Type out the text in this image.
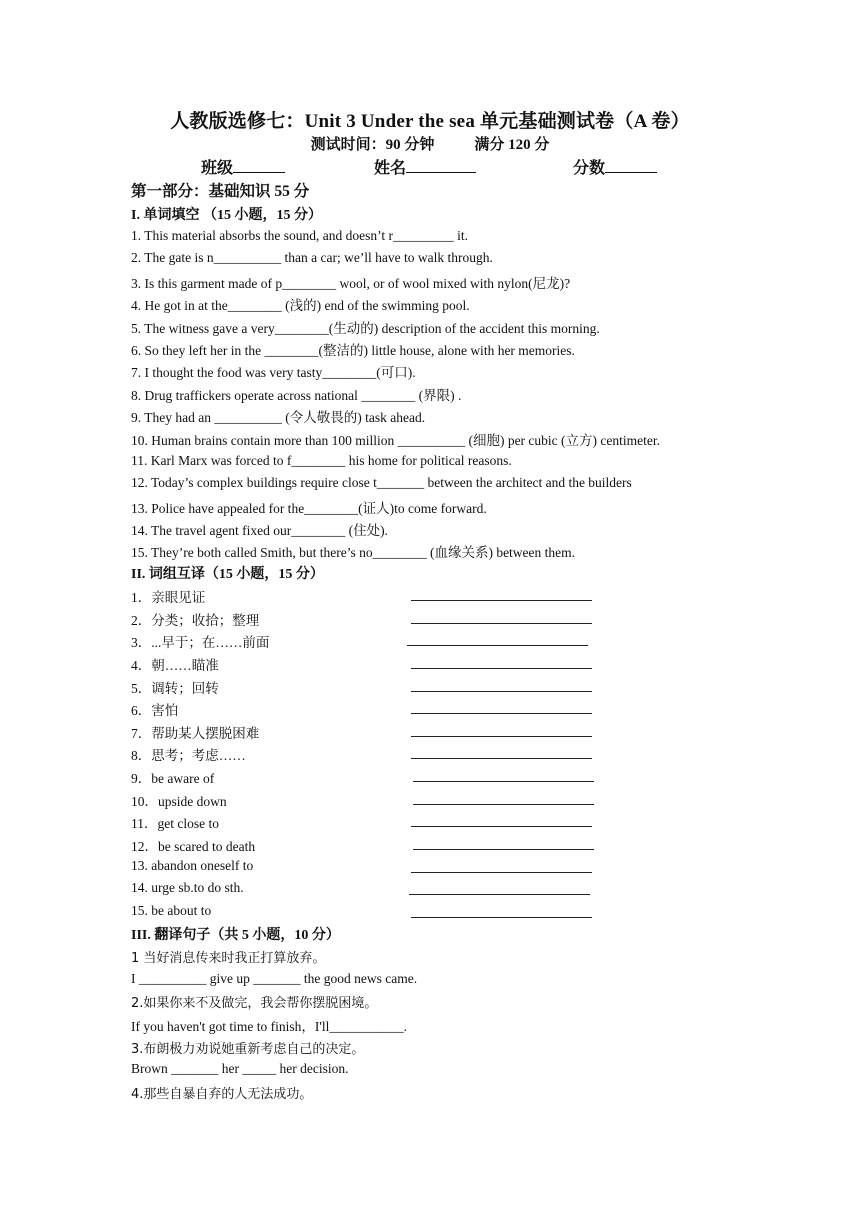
人教版选修七：Unit 3 Under the sea 单元基础测试卷（A 卷）
测试时间：90 分钟	满分 120 分
班级	姓名	分数
第一部分：基础知识 55 分
I. 单词填空 （15 小题，15 分）
1. This material absorbs the sound, and doesn’t r_________ it.
2. The gate is n__________ than a car; we’ll have to walk through.
3. Is this garment made of p________ wool, or of wool mixed with nylon(尼龙)?
4. He got in at the________ (浅的) end of the swimming pool.
5. The witness gave a very________(生动的) description of the accident this morning.
6. So they left her in the ________(整洁的) little house, alone with her memories.
7. I thought the food was very tasty________(可口).
8. Drug traffickers operate across national ________ (界限) .
9. They had an __________ (令人敬畏的) task ahead.
10. Human brains contain more than 100 million __________ (细胞) per cubic (立方) centimeter.
11. Karl Marx was forced to f________ his home for political reasons.
12. Today’s complex buildings require close t_______ between the architect and the builders
13. Police have appealed for the________(证人)to come forward.
14. The travel agent fixed our________ (住处).
15. They’re both called Smith, but there’s no________ (血缘关系) between them.
II. 词组互译（15 小题，15 分）
1．亲眼见证
2．分类；收拾；整理
3．...早于；在……前面
4．朝……瞄准
5．调转；回转
6．害怕
7．帮助某人摆脱困难
8．思考；考虑……
9．be aware of
10．upside down
11．get close to
12．be scared to death
13. abandon oneself to
14. urge sb.to do sth.
15. be about to
III. 翻译句子（共 5 小题，10 分）
1 当好消息传来时我正打算放弃。
I __________ give up _______ the good news came.
2.如果你来不及做完，我会帮你摆脱困境。
If you haven't got time to finish，I'll___________.
3.布朗极力劝说她重新考虑自己的决定。
Brown _______ her _____ her decision.
4.那些自暴自弃的人无法成功。
